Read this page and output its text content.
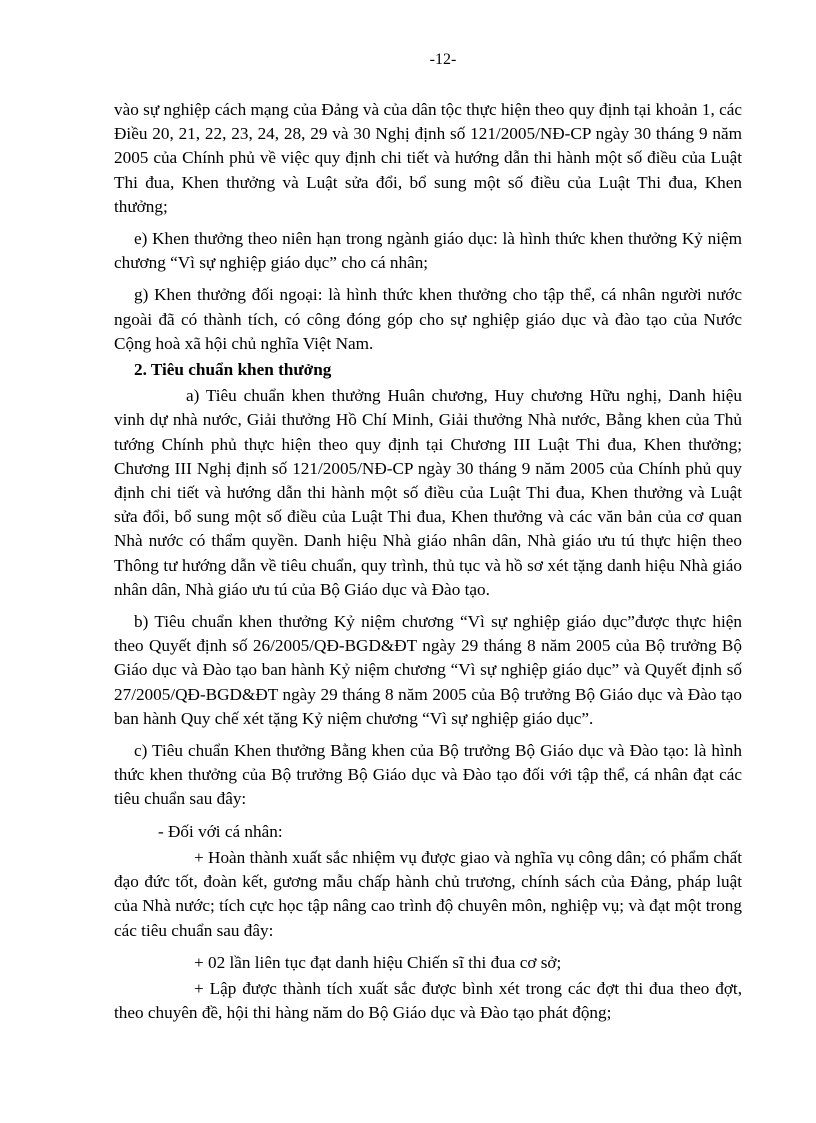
-12-

vào sự nghiệp cách mạng của Đảng và của dân tộc thực hiện theo quy định tại khoản 1, các Điều 20, 21, 22, 23, 24, 28, 29 và 30 Nghị định số 121/2005/NĐ-CP ngày 30 tháng 9 năm 2005 của Chính phủ về việc quy định chi tiết và hướng dẫn thi hành một số điều của Luật Thi đua, Khen thưởng và Luật sửa đổi, bổ sung một số điều của Luật Thi đua, Khen thưởng;

e) Khen thưởng theo niên hạn trong ngành giáo dục: là hình thức khen thưởng Kỷ niệm chương “Vì sự nghiệp giáo dục” cho cá nhân;

g) Khen thưởng đối ngoại: là hình thức khen thưởng cho tập thể, cá nhân người nước ngoài đã có thành tích, có công đóng góp cho sự nghiệp giáo dục và đào tạo của Nước Cộng hoà xã hội chủ nghĩa Việt Nam.

2. Tiêu chuẩn khen thưởng

a) Tiêu chuẩn khen thưởng Huân chương, Huy chương Hữu nghị, Danh hiệu vinh dự nhà nước, Giải thưởng Hồ Chí Minh, Giải thưởng Nhà nước, Bằng khen của Thủ tướng Chính phủ thực hiện theo quy định tại Chương III Luật Thi đua, Khen thưởng; Chương III Nghị định số 121/2005/NĐ-CP ngày 30 tháng 9 năm 2005 của Chính phủ quy định chi tiết và hướng dẫn thi hành một số điều của Luật Thi đua, Khen thưởng và Luật sửa đổi, bổ sung một số điều của Luật Thi đua, Khen thưởng và các văn bản của cơ quan Nhà nước có thẩm quyền. Danh hiệu Nhà giáo nhân dân, Nhà giáo ưu tú thực hiện theo Thông tư hướng dẫn về tiêu chuẩn, quy trình, thủ tục và hồ sơ xét tặng danh hiệu Nhà giáo nhân dân, Nhà giáo ưu tú của Bộ Giáo dục và Đào tạo.

b) Tiêu chuẩn khen thưởng Kỷ niệm chương “Vì sự nghiệp giáo dục”được thực hiện theo Quyết định số 26/2005/QĐ-BGD&ĐT ngày 29 tháng 8 năm 2005 của Bộ trưởng Bộ Giáo dục và Đào tạo ban hành Kỷ niệm chương “Vì sự nghiệp giáo dục” và Quyết định số 27/2005/QĐ-BGD&ĐT ngày 29 tháng 8 năm 2005 của Bộ trưởng Bộ Giáo dục và Đào tạo ban hành Quy chế xét tặng Kỷ niệm chương “Vì sự nghiệp giáo dục”.

c) Tiêu chuẩn Khen thưởng Bằng khen của Bộ trưởng Bộ Giáo dục và Đào tạo: là hình thức khen thưởng của Bộ trưởng Bộ Giáo dục và Đào tạo đối với tập thể, cá nhân đạt các tiêu chuẩn sau đây:

- Đối với cá nhân:

+ Hoàn thành xuất sắc nhiệm vụ được giao và nghĩa vụ công dân; có phẩm chất đạo đức tốt, đoàn kết, gương mẫu chấp hành chủ trương, chính sách của Đảng, pháp luật của Nhà nước; tích cực học tập nâng cao trình độ chuyên môn, nghiệp vụ; và đạt một trong các tiêu chuẩn sau đây:

+ 02 lần liên tục đạt danh hiệu Chiến sĩ thi đua cơ sở;

+ Lập được thành tích xuất sắc được bình xét trong các đợt thi đua theo đợt, theo chuyên đề, hội thi hàng năm do Bộ Giáo dục và Đào tạo phát động;
